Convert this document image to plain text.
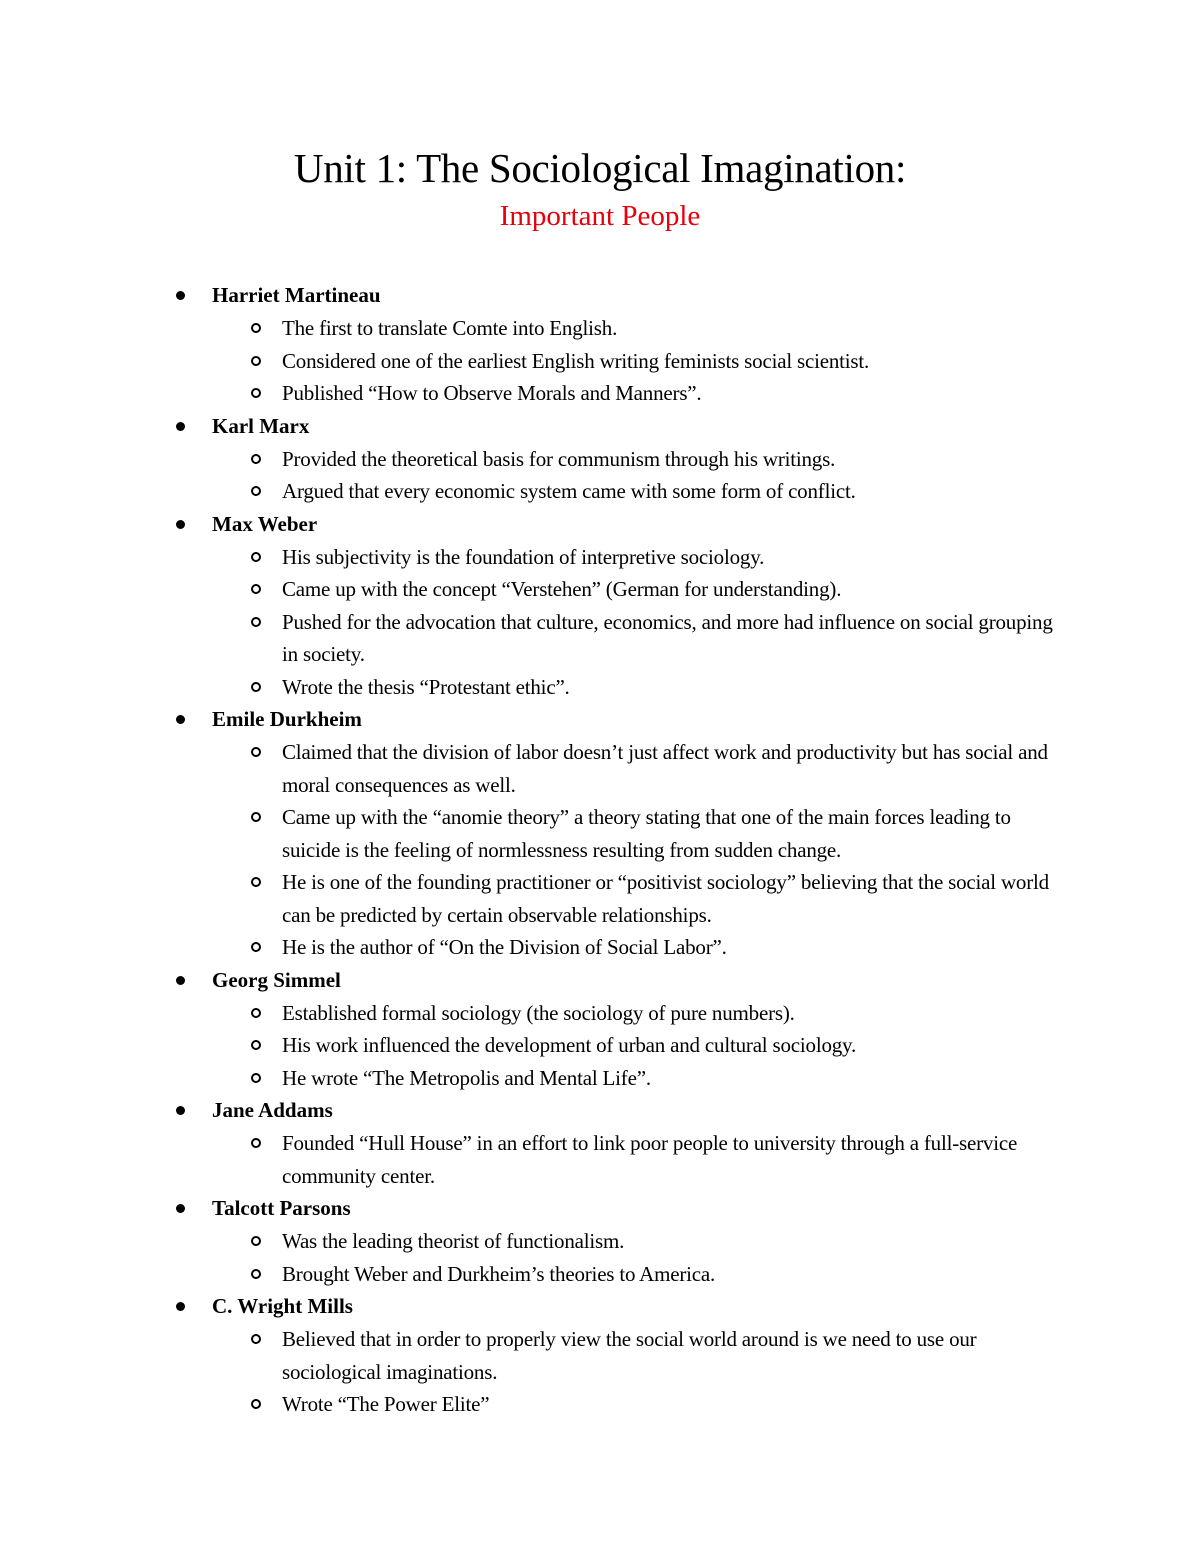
Unit 1: The Sociological Imagination:
Important People
Harriet Martineau
The first to translate Comte into English.
Considered one of the earliest English writing feminists social scientist.
Published “How to Observe Morals and Manners”.
Karl Marx
Provided the theoretical basis for communism through his writings.
Argued that every economic system came with some form of conflict.
Max Weber
His subjectivity is the foundation of interpretive sociology.
Came up with the concept “Verstehen” (German for understanding).
Pushed for the advocation that culture, economics, and more had influence on social grouping in society.
Wrote the thesis “Protestant ethic”.
Emile Durkheim
Claimed that the division of labor doesn’t just affect work and productivity but has social and moral consequences as well.
Came up with the “anomie theory” a theory stating that one of the main forces leading to suicide is the feeling of normlessness resulting from sudden change.
He is one of the founding practitioner or “positivist sociology” believing that the social world can be predicted by certain observable relationships.
He is the author of “On the Division of Social Labor”.
Georg Simmel
Established formal sociology (the sociology of pure numbers).
His work influenced the development of urban and cultural sociology.
He wrote “The Metropolis and Mental Life”.
Jane Addams
Founded “Hull House” in an effort to link poor people to university through a full-service community center.
Talcott Parsons
Was the leading theorist of functionalism.
Brought Weber and Durkheim’s theories to America.
C. Wright Mills
Believed that in order to properly view the social world around is we need to use our sociological imaginations.
Wrote “The Power Elite”
